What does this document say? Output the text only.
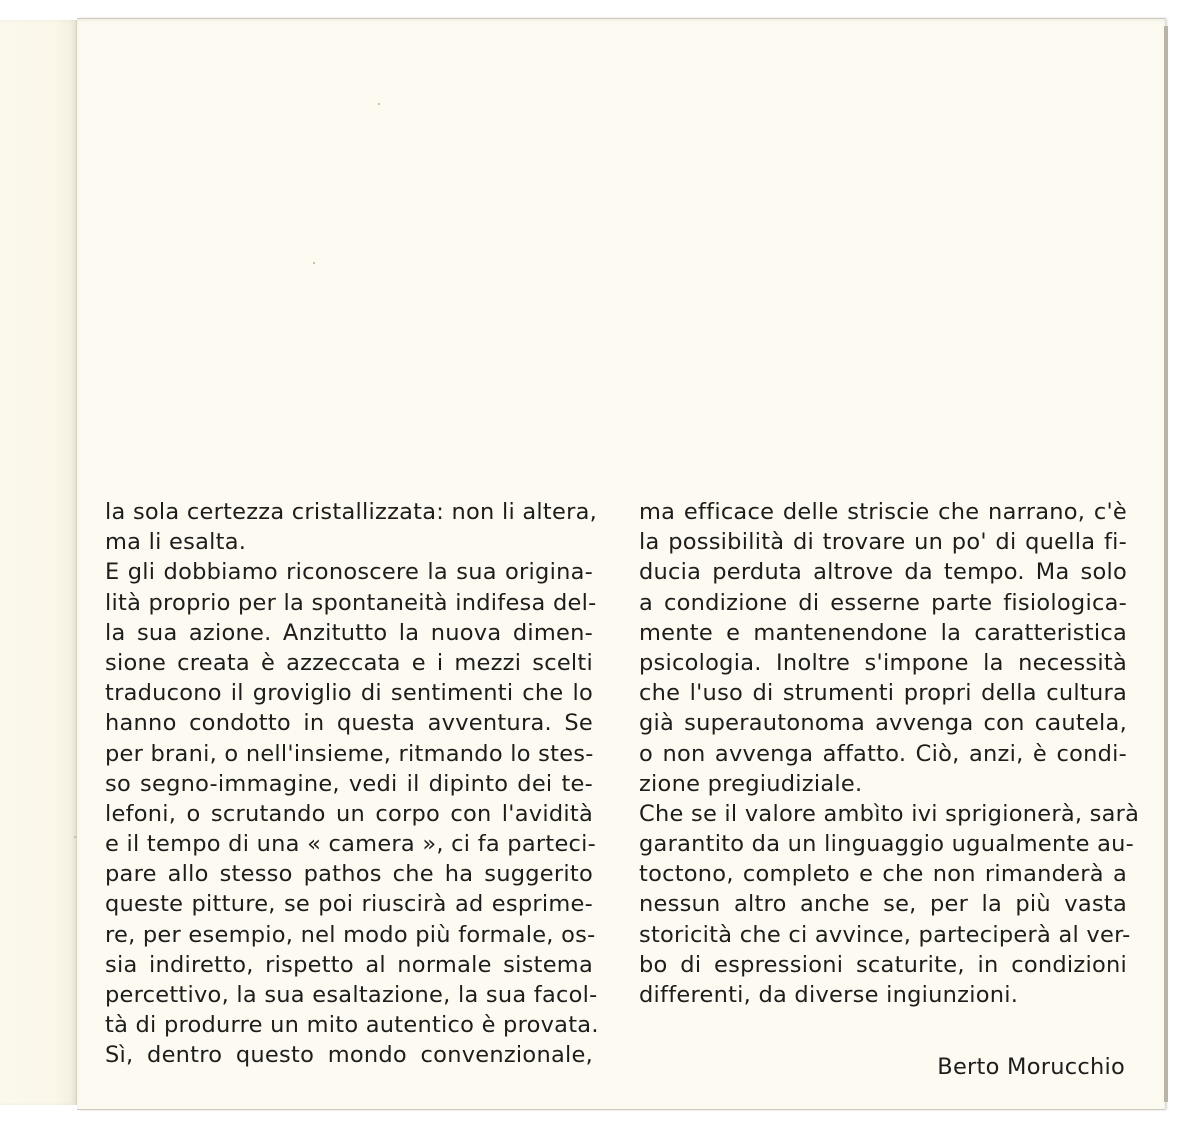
la sola certezza cristallizzata: non li altera,
ma li esalta.
E gli dobbiamo riconoscere la sua origina-
lità proprio per la spontaneità indifesa del-
la sua azione. Anzitutto la nuova dimen-
sione creata è azzeccata e i mezzi scelti
traducono il groviglio di sentimenti che lo
hanno condotto in questa avventura. Se
per brani, o nell'insieme, ritmando lo stes-
so segno-immagine, vedi il dipinto dei te-
lefoni, o scrutando un corpo con l'avidità
e il tempo di una « camera », ci fa parteci-
pare allo stesso pathos che ha suggerito
queste pitture, se poi riuscirà ad esprime-
re, per esempio, nel modo più formale, os-
sia indiretto, rispetto al normale sistema
percettivo, la sua esaltazione, la sua facol-
tà di produrre un mito autentico è provata.
Sì, dentro questo mondo convenzionale,
ma efficace delle striscie che narrano, c'è
la possibilità di trovare un po' di quella fi-
ducia perduta altrove da tempo. Ma solo
a condizione di esserne parte fisiologica-
mente e mantenendone la caratteristica
psicologia. Inoltre s'impone la necessità
che l'uso di strumenti propri della cultura
già superautonoma avvenga con cautela,
o non avvenga affatto. Ciò, anzi, è condi-
zione pregiudiziale.
Che se il valore ambìto ivi sprigionerà, sarà
garantito da un linguaggio ugualmente au-
toctono, completo e che non rimanderà a
nessun altro anche se, per la più vasta
storicità che ci avvince, parteciperà al ver-
bo di espressioni scaturite, in condizioni
differenti, da diverse ingiunzioni.
Berto Morucchio
